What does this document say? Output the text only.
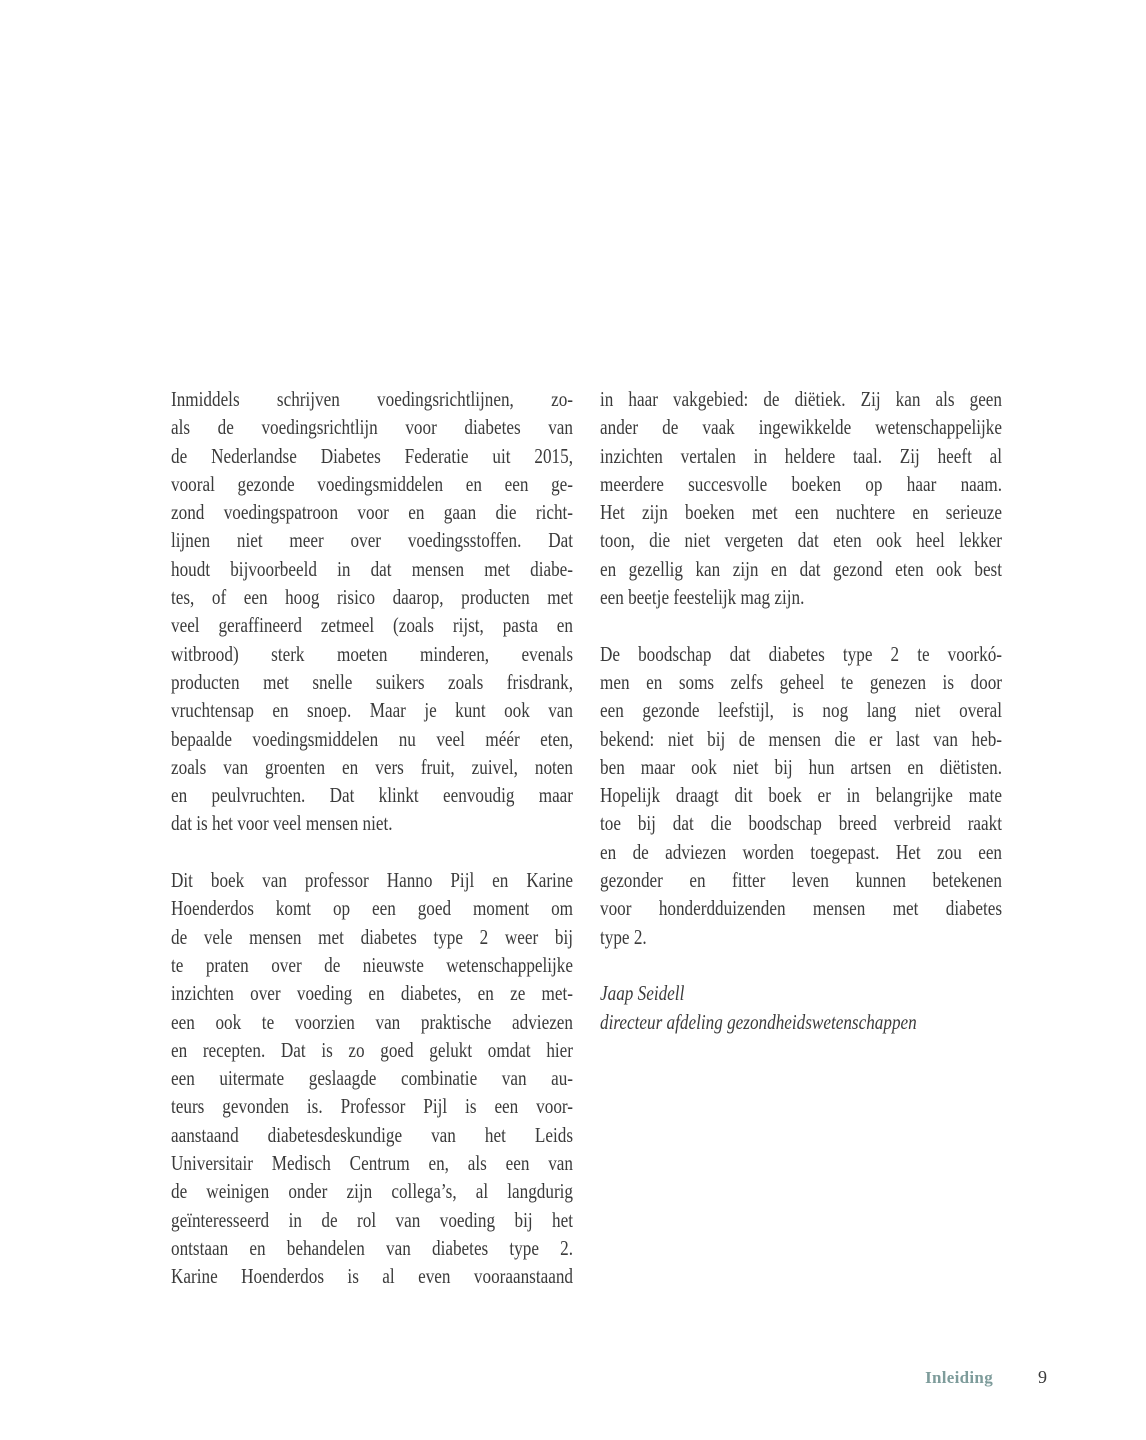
Inmiddels schrijven voedingsrichtlijnen, zo-
als de voedingsrichtlijn voor diabetes van
de Nederlandse Diabetes Federatie uit 2015,
vooral gezonde voedingsmiddelen en een ge-
zond voedingspatroon voor en gaan die richt-
lijnen niet meer over voedingsstoffen. Dat
houdt bijvoorbeeld in dat mensen met diabe-
tes, of een hoog risico daarop, producten met
veel geraffineerd zetmeel (zoals rijst, pasta en
witbrood) sterk moeten minderen, evenals
producten met snelle suikers zoals frisdrank,
vruchtensap en snoep. Maar je kunt ook van
bepaalde voedingsmiddelen nu veel méér eten,
zoals van groenten en vers fruit, zuivel, noten
en peulvruchten. Dat klinkt eenvoudig maar
dat is het voor veel mensen niet.
Dit boek van professor Hanno Pijl en Karine
Hoenderdos komt op een goed moment om
de vele mensen met diabetes type 2 weer bij
te praten over de nieuwste wetenschappelijke
inzichten over voeding en diabetes, en ze met-
een ook te voorzien van praktische adviezen
en recepten. Dat is zo goed gelukt omdat hier
een uitermate geslaagde combinatie van au-
teurs gevonden is. Professor Pijl is een voor-
aanstaand diabetesdeskundige van het Leids
Universitair Medisch Centrum en, als een van
de weinigen onder zijn collega’s, al langdurig
geïnteresseerd in de rol van voeding bij het
ontstaan en behandelen van diabetes type 2.
Karine Hoenderdos is al even vooraanstaand
in haar vakgebied: de diëtiek. Zij kan als geen
ander de vaak ingewikkelde wetenschappelijke
inzichten vertalen in heldere taal. Zij heeft al
meerdere succesvolle boeken op haar naam.
Het zijn boeken met een nuchtere en serieuze
toon, die niet vergeten dat eten ook heel lekker
en gezellig kan zijn en dat gezond eten ook best
een beetje feestelijk mag zijn.
De boodschap dat diabetes type 2 te voorkó-
men en soms zelfs geheel te genezen is door
een gezonde leefstijl, is nog lang niet overal
bekend: niet bij de mensen die er last van heb-
ben maar ook niet bij hun artsen en diëtisten.
Hopelijk draagt dit boek er in belangrijke mate
toe bij dat die boodschap breed verbreid raakt
en de adviezen worden toegepast. Het zou een
gezonder en fitter leven kunnen betekenen
voor honderdduizenden mensen met diabetes
type 2.
Jaap Seidell
directeur afdeling gezondheidswetenschappen
Inleiding	9
